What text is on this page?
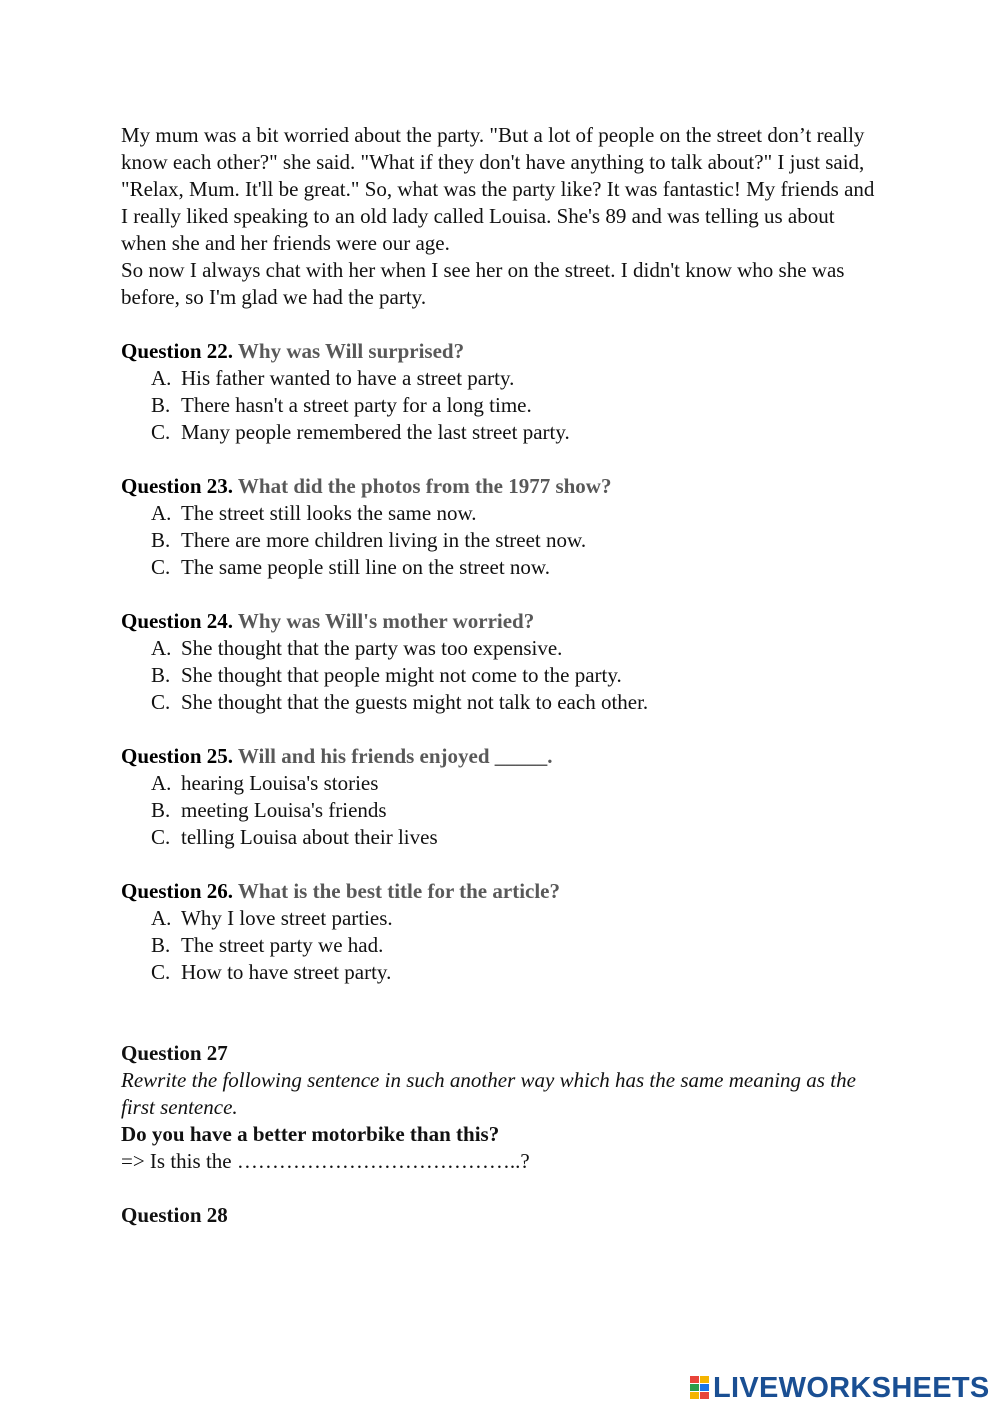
My mum was a bit worried about the party. "But a lot of people on the street don’t really know each other?" she said. "What if they don't have anything to talk about?" I just said, "Relax, Mum. It'll be great." So, what was the party like? It was fantastic! My friends and I really liked speaking to an old lady called Louisa. She's 89 and was telling us about when she and her friends were our age.

So now I always chat with her when I see her on the street. I didn't know who she was before, so I'm glad we had the party.

Question 22. Why was Will surprised?
A. His father wanted to have a street party.
B. There hasn't a street party for a long time.
C. Many people remembered the last street party.
Question 23. What did the photos from the 1977 show?
A. The street still looks the same now.
B. There are more children living in the street now.
C. The same people still line on the street now.
Question 24. Why was Will's mother worried?
A. She thought that the party was too expensive.
B. She thought that people might not come to the party.
C. She thought that the guests might not talk to each other.
Question 25. Will and his friends enjoyed _____.
A. hearing Louisa's stories
B. meeting Louisa's friends
C. telling Louisa about their lives
Question 26. What is the best title for the article?
A. Why I love street parties.
B. The street party we had.
C. How to have street party.
Question 27
Rewrite the following sentence in such another way which has the same meaning as the first sentence.
Do you have a better motorbike than this?
=> Is this the …………………………………..?
Question 28
LIVEWORKSHEETS
